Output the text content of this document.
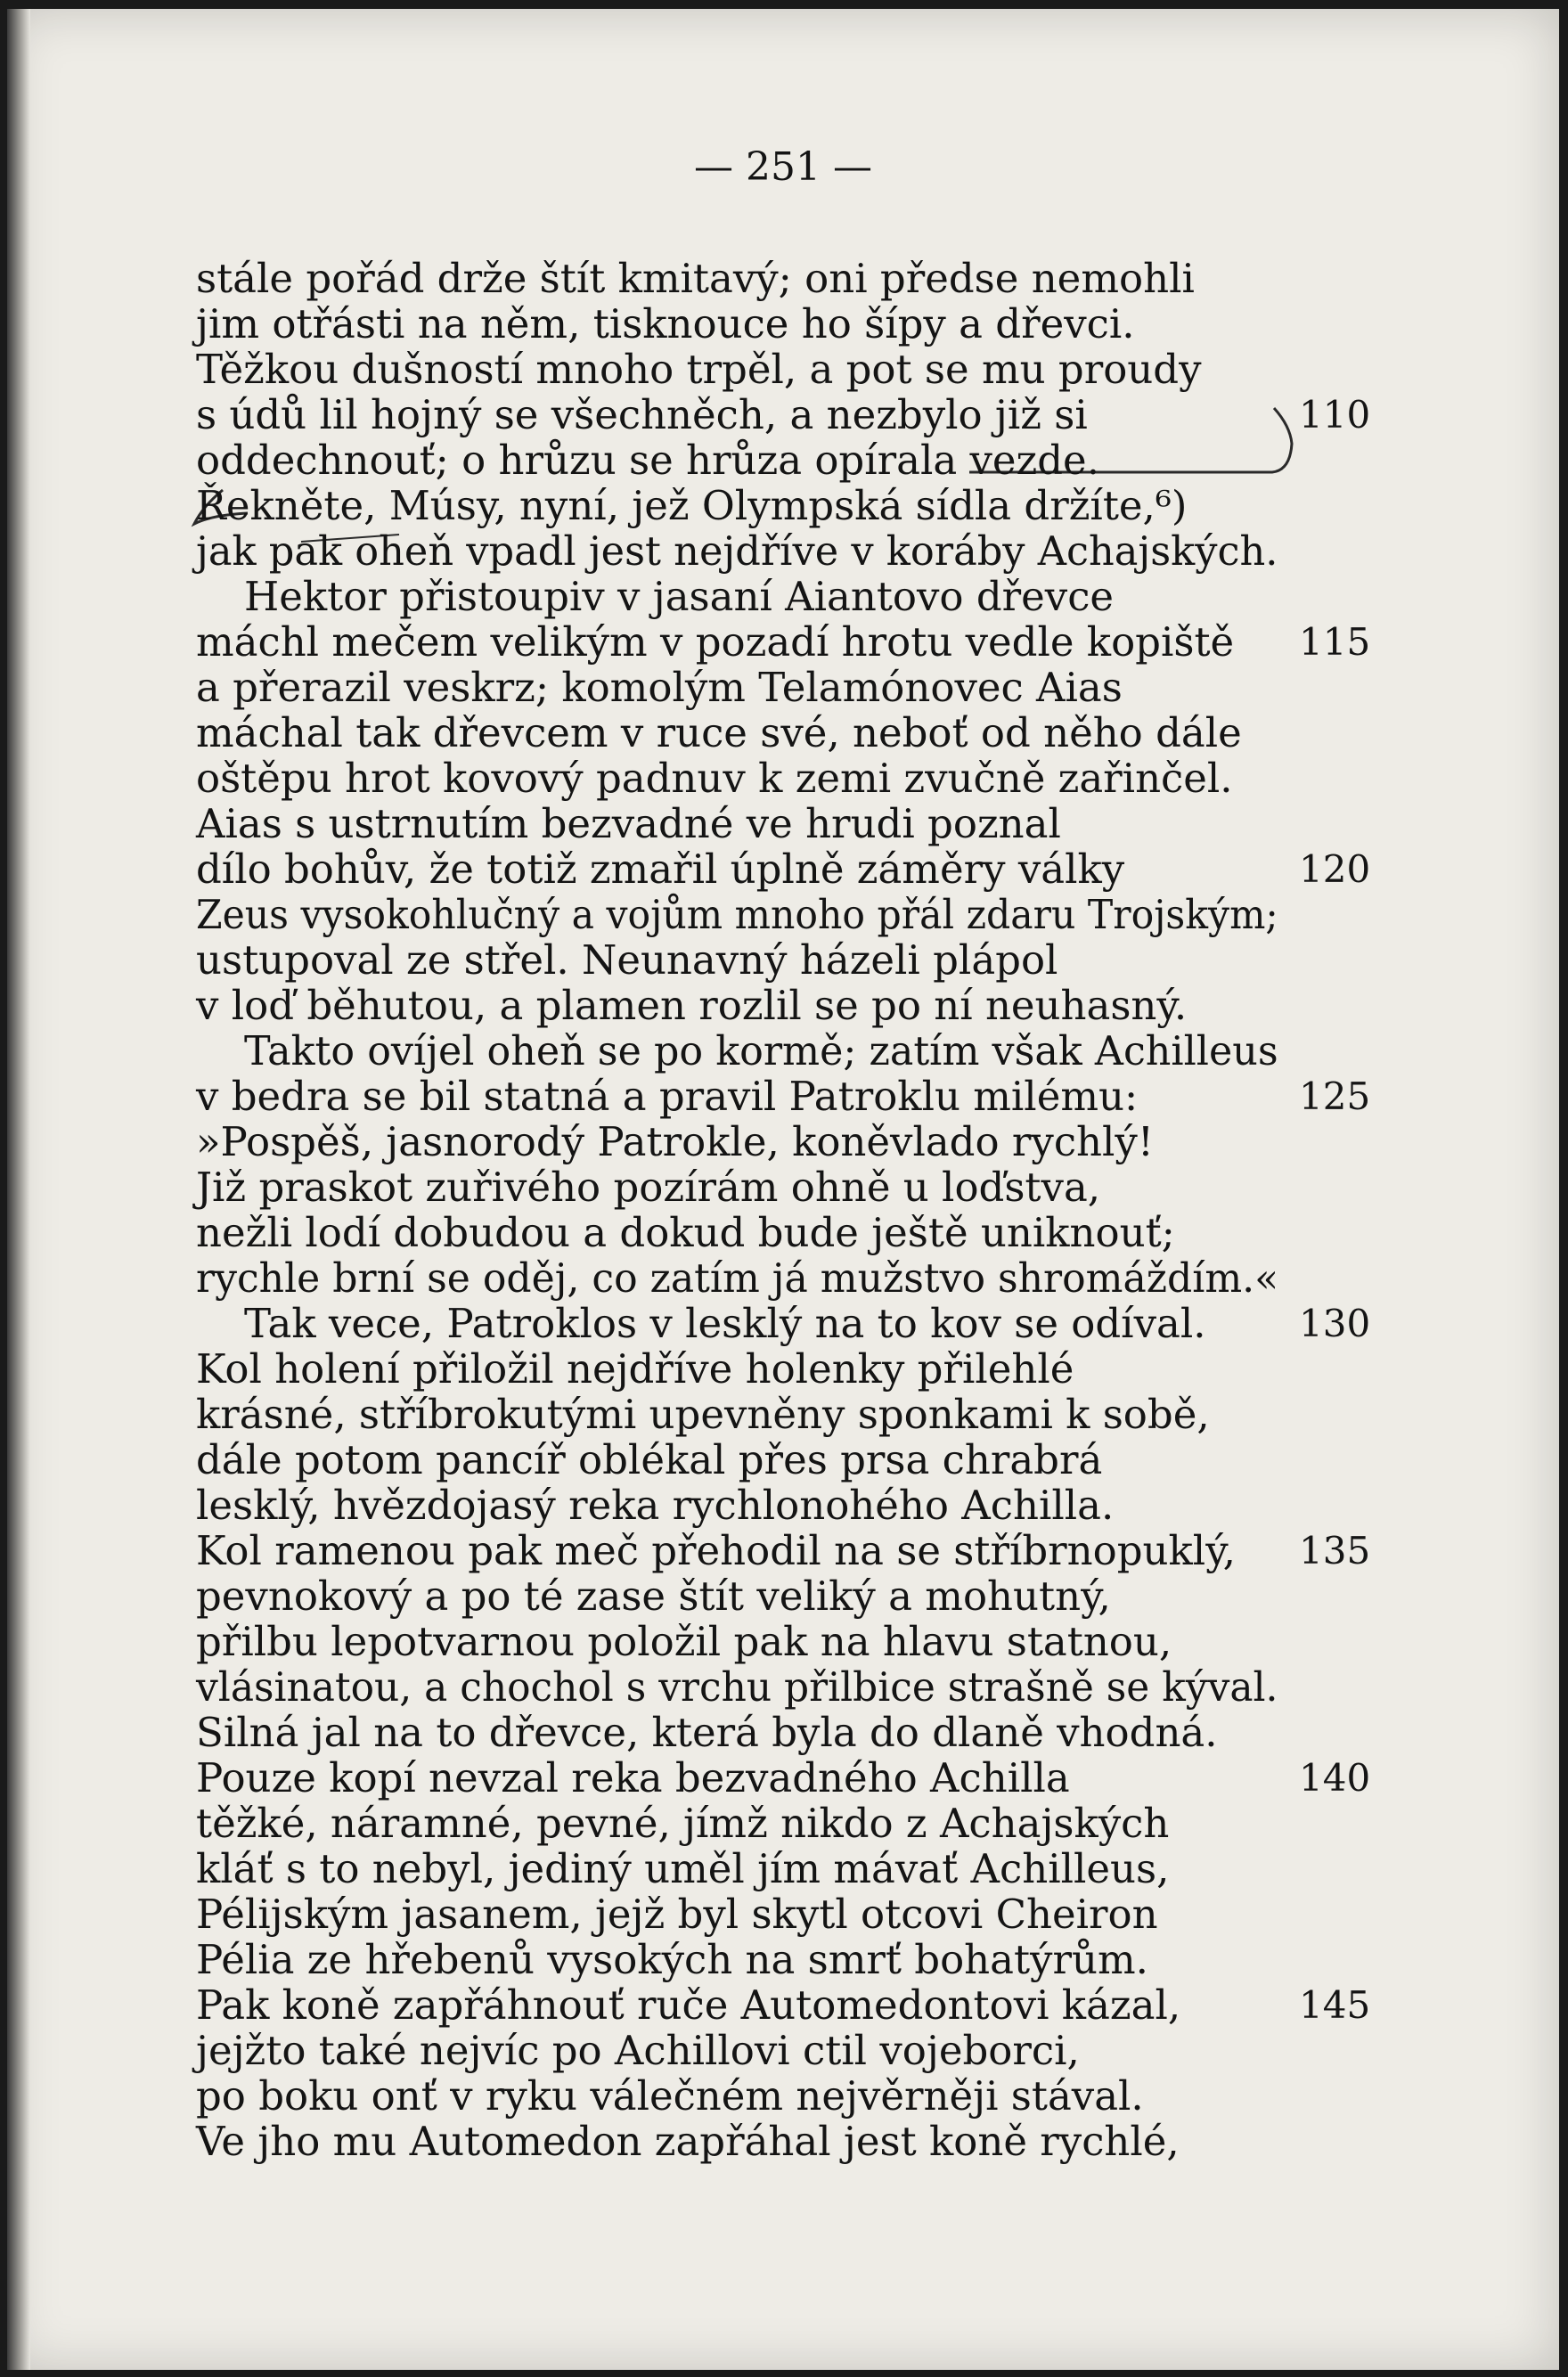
— 251 —
stále pořád drže štít kmitavý; oni předse nemohli
jim otřásti na něm, tisknouce ho šípy a dřevci.
Těžkou dušností mnoho trpěl, a pot se mu proudy
s údů lil hojný se všechněch, a nezbylo již si
oddechnouť; o hrůzu se hrůza opírala vezde.
Řekněte, Músy, nyní, jež Olympská sídla držíte,⁶)
jak pak oheň vpadl jest nejdříve v koráby Achajských.
Hektor přistoupiv v jasaní Aiantovo dřevce
máchl mečem velikým v pozadí hrotu vedle kopiště
a přerazil veskrz; komolým Telamónovec Aias
máchal tak dřevcem v ruce své, neboť od něho dále
oštěpu hrot kovový padnuv k zemi zvučně zařinčel.
Aias s ustrnutím bezvadné ve hrudi poznal
dílo bohův, že totiž zmařil úplně záměry války
Zeus vysokohlučný a vojům mnoho přál zdaru Trojským;
ustupoval ze střel. Neunavný házeli plápol
v loď běhutou, a plamen rozlil se po ní neuhasný.
Takto ovíjel oheň se po kormě; zatím však Achilleus
v bedra se bil statná a pravil Patroklu milému:
»Pospěš, jasnorodý Patrokle, koněvlado rychlý!
Již praskot zuřivého pozírám ohně u loďstva,
nežli lodí dobudou a dokud bude ještě uniknouť;
rychle brní se oděj, co zatím já mužstvo shromáždím.«
Tak vece, Patroklos v lesklý na to kov se odíval.
Kol holení přiložil nejdříve holenky přilehlé
krásné, stříbrokutými upevněny sponkami k sobě,
dále potom pancíř oblékal přes prsa chrabrá
lesklý, hvězdojasý reka rychlonohého Achilla.
Kol ramenou pak meč přehodil na se stříbrnopuklý,
pevnokový a po té zase štít veliký a mohutný,
přilbu lepotvarnou položil pak na hlavu statnou,
vlásinatou, a chochol s vrchu přilbice strašně se kýval.
Silná jal na to dřevce, která byla do dlaně vhodná.
Pouze kopí nevzal reka bezvadného Achilla
těžké, náramné, pevné, jímž nikdo z Achajských
kláť s to nebyl, jediný uměl jím mávať Achilleus,
Pélijským jasanem, jejž byl skytl otcovi Cheiron
Pélia ze hřebenů vysokých na smrť bohatýrům.
Pak koně zapřáhnouť ruče Automedontovi kázal,
jejžto také nejvíc po Achillovi ctil vojeborci,
po boku onť v ryku válečném nejvěrněji stával.
Ve jho mu Automedon zapřáhal jest koně rychlé,
110
115
120
125
130
135
140
145
